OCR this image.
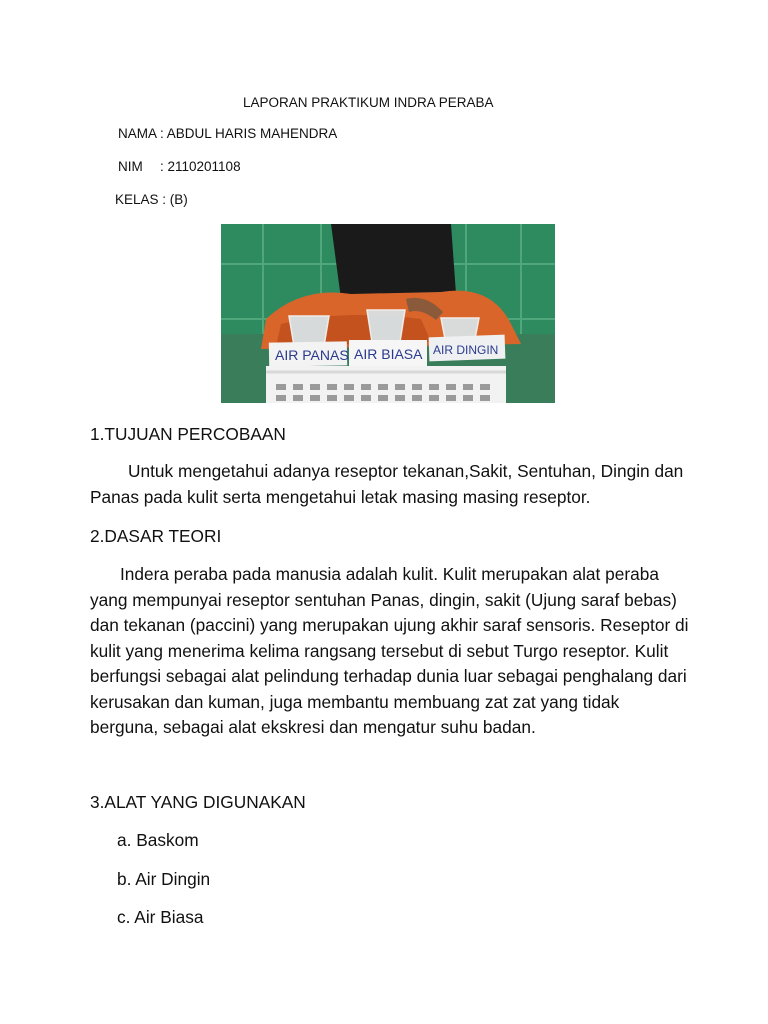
LAPORAN PRAKTIKUM INDRA PERABA
NAMA : ABDUL HARIS MAHENDRA
NIM : 2110201108
KELAS : (B)
AIR PANAS AIR BIASA AIR DINGIN
1.TUJUAN PERCOBAAN
Untuk mengetahui adanya reseptor tekanan,Sakit, Sentuhan, Dingin dan Panas pada kulit serta mengetahui letak masing masing reseptor.
2.DASAR TEORI
Indera peraba pada manusia adalah kulit. Kulit merupakan alat peraba yang mempunyai reseptor sentuhan Panas, dingin, sakit (Ujung saraf bebas) dan tekanan (paccini) yang merupakan ujung akhir saraf sensoris. Reseptor di kulit yang menerima kelima rangsang tersebut di sebut Turgo reseptor. Kulit berfungsi sebagai alat pelindung terhadap dunia luar sebagai penghalang dari kerusakan dan kuman, juga membantu membuang zat zat yang tidak berguna, sebagai alat ekskresi dan mengatur suhu badan.
3.ALAT YANG DIGUNAKAN
a. Baskom
b. Air Dingin
c. Air Biasa
